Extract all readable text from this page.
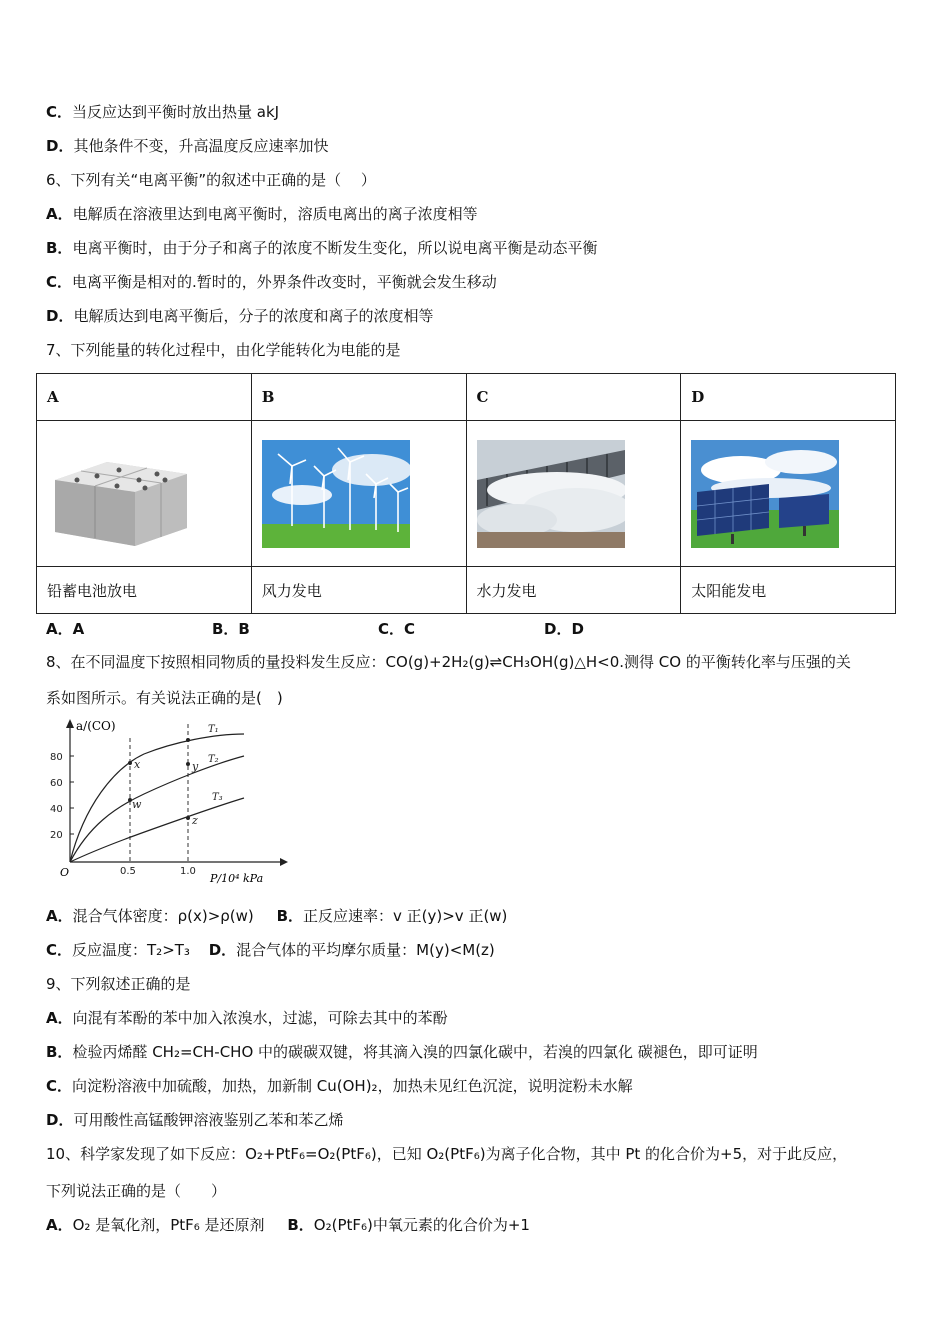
C．当反应达到平衡时放出热量 akJ
D．其他条件不变，升高温度反应速率加快
6、下列有关“电离平衡”的叙述中正确的是（　 ）
A．电解质在溶液里达到电离平衡时，溶质电离出的离子浓度相等
B．电离平衡时，由于分子和离子的浓度不断发生变化，所以说电离平衡是动态平衡
C．电离平衡是相对的.暂时的，外界条件改变时，平衡就会发生移动
D．电解质达到电离平衡后，分子的浓度和离子的浓度相等
7、下列能量的转化过程中，由化学能转化为电能的是
A	B	C	D

铅蓄电池放电	风力发电	水力发电	太阳能发电
A．A	B．B	C．C	D．D
8、在不同温度下按照相同物质的量投料发生反应：CO(g)+2H₂(g)⇌CH₃OH(g)△H<0.测得 CO 的平衡转化率与压强的关
系如图所示。有关说法正确的是(　)
a/(CO)
P/10⁴ kPa
O
80
60
40
20
0.5	1.0
T₁
T₂
T₃
x	y
w
z
A．混合气体密度：ρ(x)>ρ(w) B．正反应速率：v 正(y)>v 正(w)
C．反应温度：T₂>T₃ D．混合气体的平均摩尔质量：M(y)<M(z)
9、下列叙述正确的是
A．向混有苯酚的苯中加入浓溴水，过滤，可除去其中的苯酚
B．检验丙烯醛 CH₂=CH-CHO 中的碳碳双键，将其滴入溴的四氯化碳中，若溴的四氯化 碳褪色，即可证明
C．向淀粉溶液中加硫酸，加热，加新制 Cu(OH)₂，加热未见红色沉淀，说明淀粉未水解
D．可用酸性高锰酸钾溶液鉴别乙苯和苯乙烯
10、科学家发现了如下反应：O₂+PtF₆=O₂(PtF₆)，已知 O₂(PtF₆)为离子化合物，其中 Pt 的化合价为+5，对于此反应，
下列说法正确的是（　　）
A．O₂ 是氧化剂，PtF₆ 是还原剂 B．O₂(PtF₆)中氧元素的化合价为+1
